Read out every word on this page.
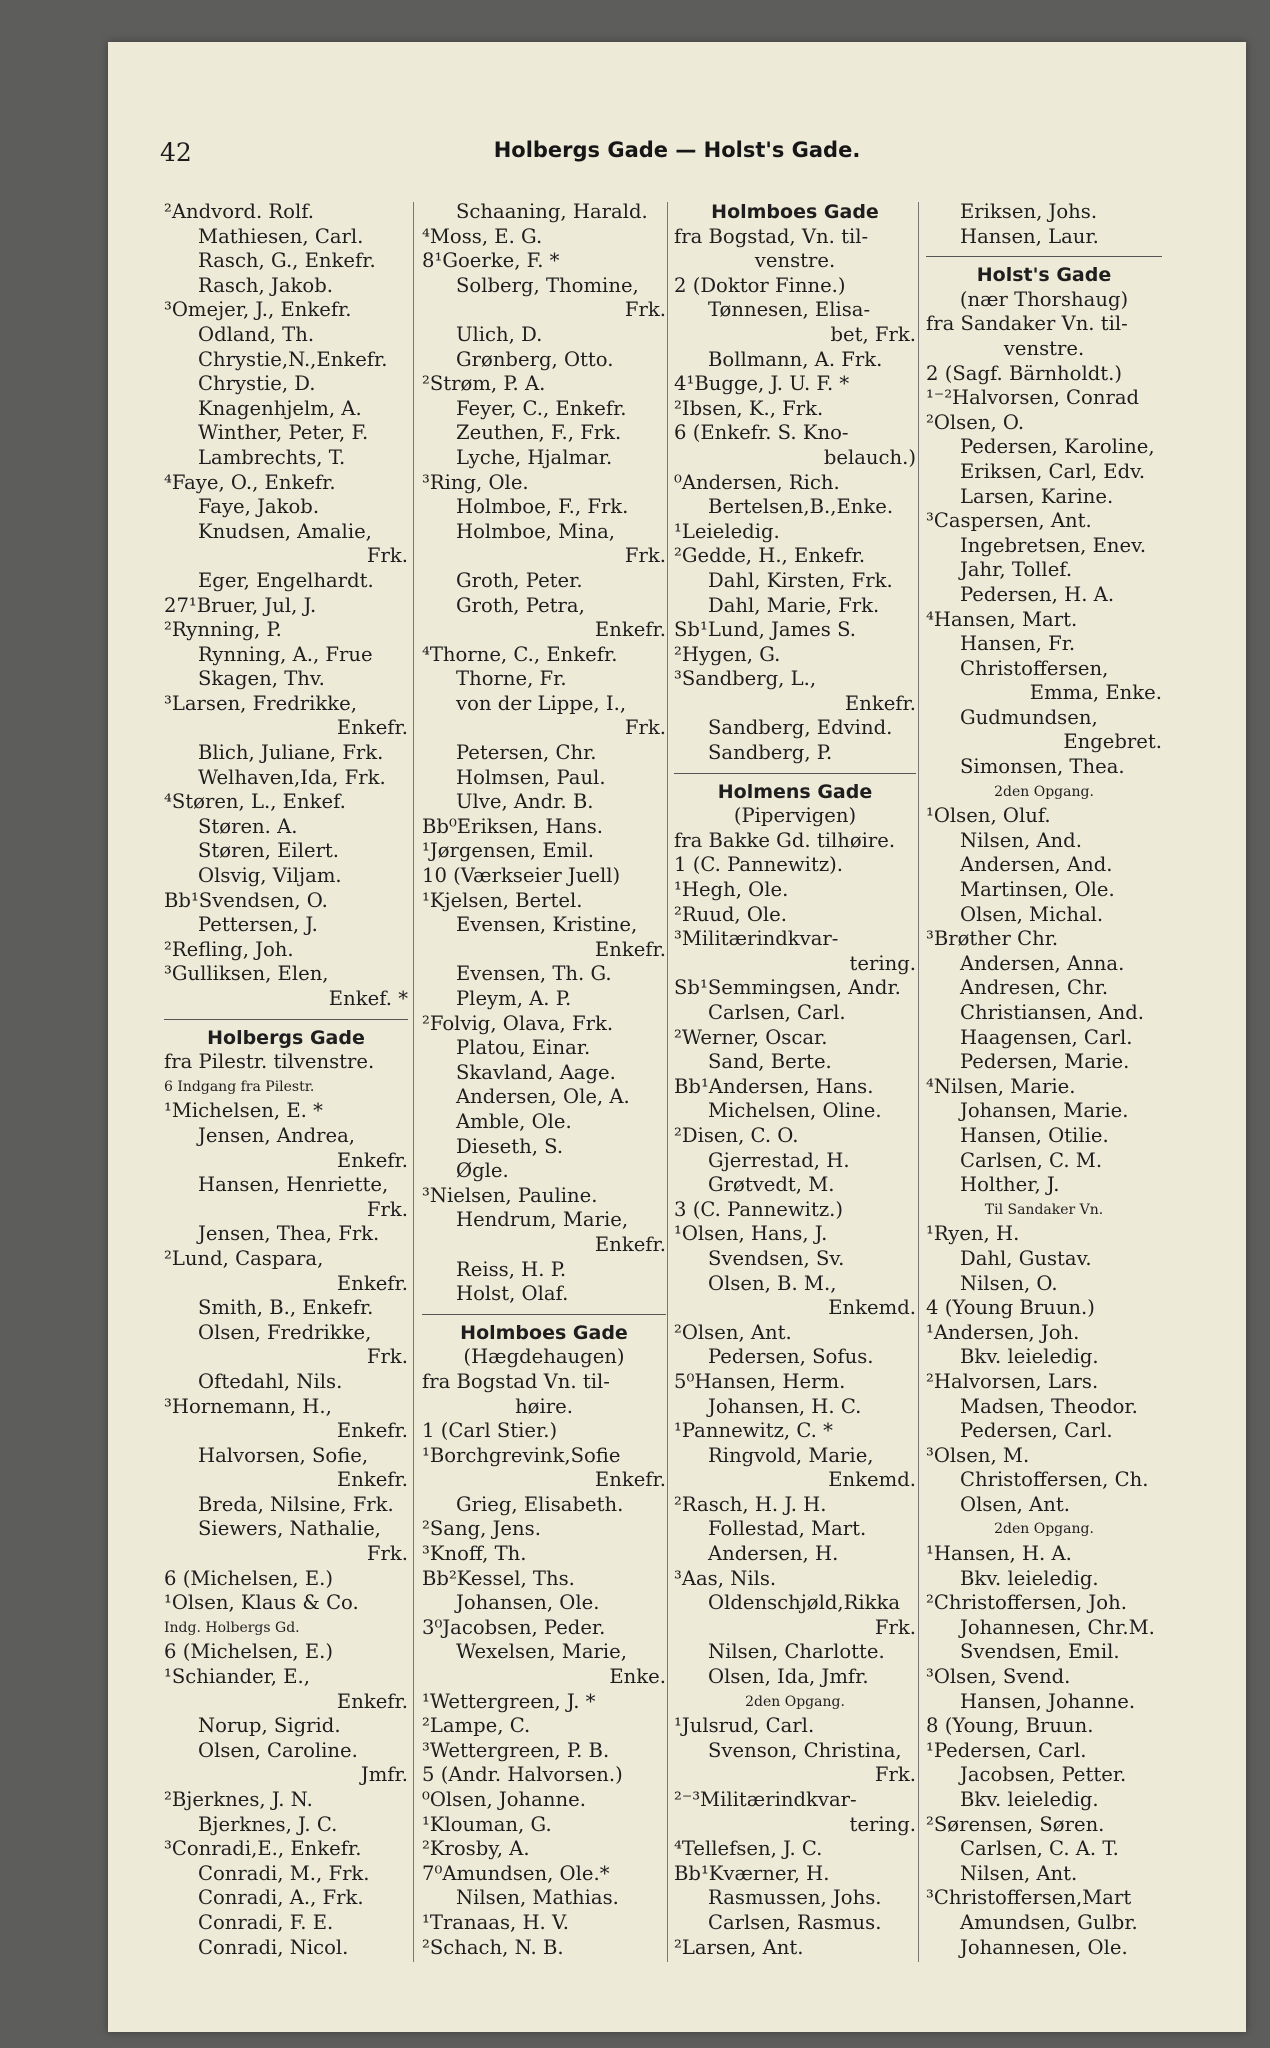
42	Holbergs Gade — Holst's Gade.
²Andvord. Rolf.
Mathiesen, Carl.
Rasch, G., Enkefr.
Rasch, Jakob.
³Omejer, J., Enkefr.
Odland, Th.
Chrystie,N.,Enkefr.
Chrystie, D.
Knagenhjelm, A.
Winther, Peter, F.
Lambrechts, T.
⁴Faye, O., Enkefr.
Faye, Jakob.
Knudsen, Amalie,
Frk.
Eger, Engelhardt.
27¹Bruer, Jul, J.
²Rynning, P.
Rynning, A., Frue
Skagen, Thv.
³Larsen, Fredrikke,
Enkefr.
Blich, Juliane, Frk.
Welhaven,Ida, Frk.
⁴Støren, L., Enkef.
Støren. A.
Støren, Eilert.
Olsvig, Viljam.
Bb¹Svendsen, O.
Pettersen, J.
²Refling, Joh.
³Gulliksen, Elen,
Enkef. *
Holbergs Gade
fra Pilestr. tilvenstre.
6 Indgang fra Pilestr.
¹Michelsen, E. *
Jensen, Andrea,
Enkefr.
Hansen, Henriette,
Frk.
Jensen, Thea, Frk.
²Lund, Caspara,
Enkefr.
Smith, B., Enkefr.
Olsen, Fredrikke,
Frk.
Oftedahl, Nils.
³Hornemann, H.,
Enkefr.
Halvorsen, Sofie,
Enkefr.
Breda, Nilsine, Frk.
Siewers, Nathalie,
Frk.
6 (Michelsen, E.)
¹Olsen, Klaus & Co.
Indg. Holbergs Gd.
6 (Michelsen, E.)
¹Schiander, E.,
Enkefr.
Norup, Sigrid.
Olsen, Caroline.
Jmfr.
²Bjerknes, J. N.
Bjerknes, J. C.
³Conradi,E., Enkefr.
Conradi, M., Frk.
Conradi, A., Frk.
Conradi, F. E.
Conradi, Nicol.
Schaaning, Harald.
⁴Moss, E. G.
8¹Goerke, F. *
Solberg, Thomine,
Frk.
Ulich, D.
Grønberg, Otto.
²Strøm, P. A.
Feyer, C., Enkefr.
Zeuthen, F., Frk.
Lyche, Hjalmar.
³Ring, Ole.
Holmboe, F., Frk.
Holmboe, Mina,
Frk.
Groth, Peter.
Groth, Petra,
Enkefr.
⁴Thorne, C., Enkefr.
Thorne, Fr.
von der Lippe, I.,
Frk.
Petersen, Chr.
Holmsen, Paul.
Ulve, Andr. B.
Bb⁰Eriksen, Hans.
¹Jørgensen, Emil.
10 (Værkseier Juell)
¹Kjelsen, Bertel.
Evensen, Kristine,
Enkefr.
Evensen, Th. G.
Pleym, A. P.
²Folvig, Olava, Frk.
Platou, Einar.
Skavland, Aage.
Andersen, Ole, A.
Amble, Ole.
Dieseth, S.
Øgle.
³Nielsen, Pauline.
Hendrum, Marie,
Enkefr.
Reiss, H. P.
Holst, Olaf.
Holmboes Gade
(Hægdehaugen)
fra Bogstad Vn. til-
høire.
1 (Carl Stier.)
¹Borchgrevink,Sofie
Enkefr.
Grieg, Elisabeth.
²Sang, Jens.
³Knoff, Th.
Bb²Kessel, Ths.
Johansen, Ole.
3⁰Jacobsen, Peder.
Wexelsen, Marie,
Enke.
¹Wettergreen, J. *
²Lampe, C.
³Wettergreen, P. B.
5 (Andr. Halvorsen.)
⁰Olsen, Johanne.
¹Klouman, G.
²Krosby, A.
7⁰Amundsen, Ole.*
Nilsen, Mathias.
¹Tranaas, H. V.
²Schach, N. B.
Holmboes Gade
fra Bogstad, Vn. til-
venstre.
2 (Doktor Finne.)
Tønnesen, Elisa-
bet, Frk.
Bollmann, A. Frk.
4¹Bugge, J. U. F. *
²Ibsen, K., Frk.
6 (Enkefr. S. Kno-
belauch.)
⁰Andersen, Rich.
Bertelsen,B.,Enke.
¹Leieledig.
²Gedde, H., Enkefr.
Dahl, Kirsten, Frk.
Dahl, Marie, Frk.
Sb¹Lund, James S.
²Hygen, G.
³Sandberg, L.,
Enkefr.
Sandberg, Edvind.
Sandberg, P.
Holmens Gade
(Pipervigen)
fra Bakke Gd. tilhøire.
1 (C. Pannewitz).
¹Hegh, Ole.
²Ruud, Ole.
³Militærindkvar-
tering.
Sb¹Semmingsen, Andr.
Carlsen, Carl.
²Werner, Oscar.
Sand, Berte.
Bb¹Andersen, Hans.
Michelsen, Oline.
²Disen, C. O.
Gjerrestad, H.
Grøtvedt, M.
3 (C. Pannewitz.)
¹Olsen, Hans, J.
Svendsen, Sv.
Olsen, B. M.,
Enkemd.
²Olsen, Ant.
Pedersen, Sofus.
5⁰Hansen, Herm.
Johansen, H. C.
¹Pannewitz, C. *
Ringvold, Marie,
Enkemd.
²Rasch, H. J. H.
Follestad, Mart.
Andersen, H.
³Aas, Nils.
Oldenschjøld,Rikka
Frk.
Nilsen, Charlotte.
Olsen, Ida, Jmfr.
2den Opgang.
¹Julsrud, Carl.
Svenson, Christina,
Frk.
²⁻³Militærindkvar-
tering.
⁴Tellefsen, J. C.
Bb¹Kværner, H.
Rasmussen, Johs.
Carlsen, Rasmus.
²Larsen, Ant.
Eriksen, Johs.
Hansen, Laur.
Holst's Gade
(nær Thorshaug)
fra Sandaker Vn. til-
venstre.
2 (Sagf. Bärnholdt.)
¹⁻²Halvorsen, Conrad
²Olsen, O.
Pedersen, Karoline,
Eriksen, Carl, Edv.
Larsen, Karine.
³Caspersen, Ant.
Ingebretsen, Enev.
Jahr, Tollef.
Pedersen, H. A.
⁴Hansen, Mart.
Hansen, Fr.
Christoffersen,
Emma, Enke.
Gudmundsen,
Engebret.
Simonsen, Thea.
2den Opgang.
¹Olsen, Oluf.
Nilsen, And.
Andersen, And.
Martinsen, Ole.
Olsen, Michal.
³Brøther Chr.
Andersen, Anna.
Andresen, Chr.
Christiansen, And.
Haagensen, Carl.
Pedersen, Marie.
⁴Nilsen, Marie.
Johansen, Marie.
Hansen, Otilie.
Carlsen, C. M.
Holther, J.
Til Sandaker Vn.
¹Ryen, H.
Dahl, Gustav.
Nilsen, O.
4 (Young Bruun.)
¹Andersen, Joh.
Bkv. leieledig.
²Halvorsen, Lars.
Madsen, Theodor.
Pedersen, Carl.
³Olsen, M.
Christoffersen, Ch.
Olsen, Ant.
2den Opgang.
¹Hansen, H. A.
Bkv. leieledig.
²Christoffersen, Joh.
Johannesen, Chr.M.
Svendsen, Emil.
³Olsen, Svend.
Hansen, Johanne.
8 (Young, Bruun.
¹Pedersen, Carl.
Jacobsen, Petter.
Bkv. leieledig.
²Sørensen, Søren.
Carlsen, C. A. T.
Nilsen, Ant.
³Christoffersen,Mart
Amundsen, Gulbr.
Johannesen, Ole.
